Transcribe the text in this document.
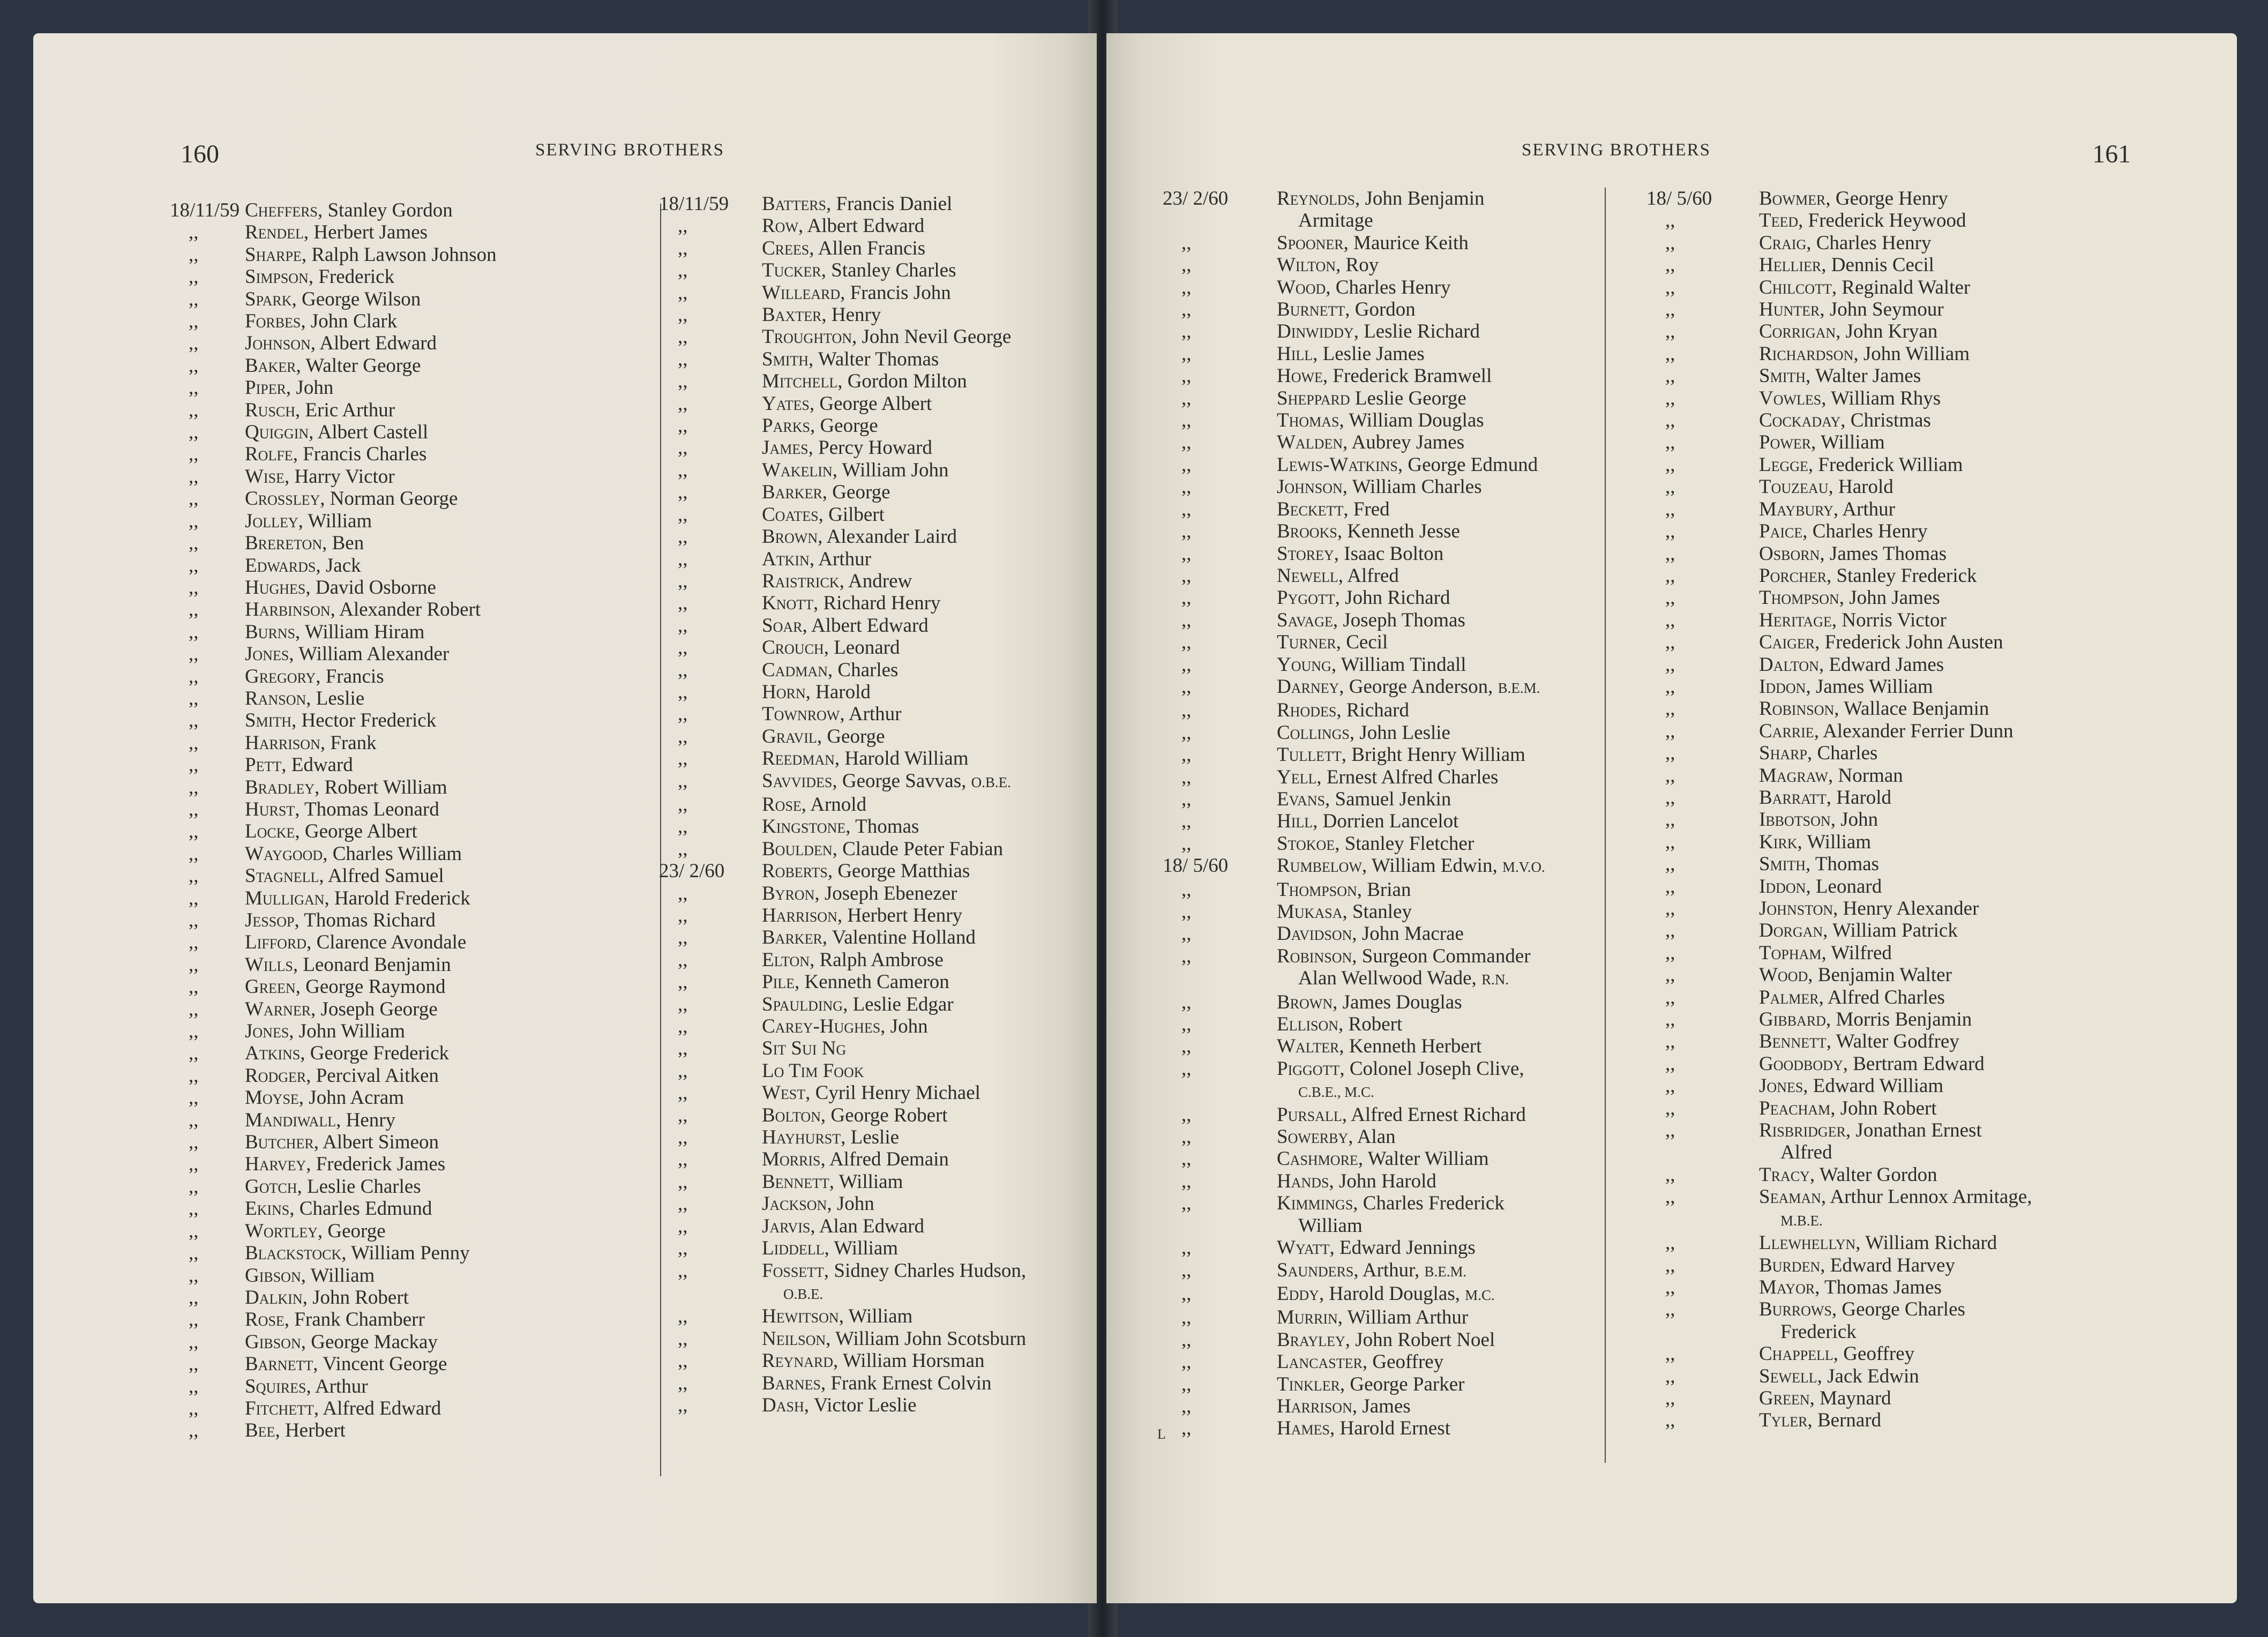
160	SERVING BROTHERS
18/11/59 Cheffers, Stanley Gordon
,,	Rendel, Herbert James
,,	Sharpe, Ralph Lawson Johnson
,,	Simpson, Frederick
,,	Spark, George Wilson
,,	Forbes, John Clark
,,	Johnson, Albert Edward
,,	Baker, Walter George
,,	Piper, John
,,	Rusch, Eric Arthur
,,	Quiggin, Albert Castell
,,	Rolfe, Francis Charles
,,	Wise, Harry Victor
,,	Crossley, Norman George
,,	Jolley, William
,,	Brereton, Ben
,,	Edwards, Jack
,,	Hughes, David Osborne
,,	Harbinson, Alexander Robert
,,	Burns, William Hiram
,,	Jones, William Alexander
,,	Gregory, Francis
,,	Ranson, Leslie
,,	Smith, Hector Frederick
,,	Harrison, Frank
,,	Pett, Edward
,,	Bradley, Robert William
,,	Hurst, Thomas Leonard
,,	Locke, George Albert
,,	Waygood, Charles William
,,	Stagnell, Alfred Samuel
,,	Mulligan, Harold Frederick
,,	Jessop, Thomas Richard
,,	Lifford, Clarence Avondale
,,	Wills, Leonard Benjamin
,,	Green, George Raymond
,,	Warner, Joseph George
,,	Jones, John William
,,	Atkins, George Frederick
,,	Rodger, Percival Aitken
,,	Moyse, John Acram
,,	Mandiwall, Henry
,,	Butcher, Albert Simeon
,,	Harvey, Frederick James
,,	Gotch, Leslie Charles
,,	Ekins, Charles Edmund
,,	Wortley, George
,,	Blackstock, William Penny
,,	Gibson, William
,,	Dalkin, John Robert
,,	Rose, Frank Chamberr
,,	Gibson, George Mackay
,,	Barnett, Vincent George
,,	Squires, Arthur
,,	Fitchett, Alfred Edward
,,	Bee, Herbert
18/11/59	Batters, Francis Daniel
,,	Row, Albert Edward
,,	Crees, Allen Francis
,,	Tucker, Stanley Charles
,,	Willeard, Francis John
,,	Baxter, Henry
,,	Troughton, John Nevil George
,,	Smith, Walter Thomas
,,	Mitchell, Gordon Milton
,,	Yates, George Albert
,,	Parks, George
,,	James, Percy Howard
,,	Wakelin, William John
,,	Barker, George
,,	Coates, Gilbert
,,	Brown, Alexander Laird
,,	Atkin, Arthur
,,	Raistrick, Andrew
,,	Knott, Richard Henry
,,	Soar, Albert Edward
,,	Crouch, Leonard
,,	Cadman, Charles
,,	Horn, Harold
,,	Townrow, Arthur
,,	Gravil, George
,,	Reedman, Harold William
,,	Savvides, George Savvas, O.B.E.
,,	Rose, Arnold
,,	Kingstone, Thomas
,,	Boulden, Claude Peter Fabian
23/ 2/60	Roberts, George Matthias
,,	Byron, Joseph Ebenezer
,,	Harrison, Herbert Henry
,,	Barker, Valentine Holland
,,	Elton, Ralph Ambrose
,,	Pile, Kenneth Cameron
,,	Spaulding, Leslie Edgar
,,	Carey-Hughes, John
,,	Sit Sui Ng
,,	Lo Tim Fook
,,	West, Cyril Henry Michael
,,	Bolton, George Robert
,,	Hayhurst, Leslie
,,	Morris, Alfred Demain
,,	Bennett, William
,,	Jackson, John
,,	Jarvis, Alan Edward
,,	Liddell, William
,,	Fossett, Sidney Charles Hudson,
O.B.E.
,,	Hewitson, William
,,	Neilson, William John Scotsburn
,,	Reynard, William Horsman
,,	Barnes, Frank Ernest Colvin
,,	Dash, Victor Leslie
SERVING BROTHERS	161
23/ 2/60	Reynolds, John Benjamin
Armitage
,,	Spooner, Maurice Keith
,,	Wilton, Roy
,,	Wood, Charles Henry
,,	Burnett, Gordon
,,	Dinwiddy, Leslie Richard
,,	Hill, Leslie James
,,	Howe, Frederick Bramwell
,,	Sheppard Leslie George
,,	Thomas, William Douglas
,,	Walden, Aubrey James
,,	Lewis-Watkins, George Edmund
,,	Johnson, William Charles
,,	Beckett, Fred
,,	Brooks, Kenneth Jesse
,,	Storey, Isaac Bolton
,,	Newell, Alfred
,,	Pygott, John Richard
,,	Savage, Joseph Thomas
,,	Turner, Cecil
,,	Young, William Tindall
,,	Darney, George Anderson, B.E.M.
,,	Rhodes, Richard
,,	Collings, John Leslie
,,	Tullett, Bright Henry William
,,	Yell, Ernest Alfred Charles
,,	Evans, Samuel Jenkin
,,	Hill, Dorrien Lancelot
,,	Stokoe, Stanley Fletcher
18/ 5/60	Rumbelow, William Edwin, M.V.O.
,,	Thompson, Brian
,,	Mukasa, Stanley
,,	Davidson, John Macrae
,,	Robinson, Surgeon Commander
Alan Wellwood Wade, R.N.
,,	Brown, James Douglas
,,	Ellison, Robert
,,	Walter, Kenneth Herbert
,,	Piggott, Colonel Joseph Clive,
C.B.E., M.C.
,,	Pursall, Alfred Ernest Richard
,,	Sowerby, Alan
,,	Cashmore, Walter William
,,	Hands, John Harold
,,	Kimmings, Charles Frederick
William
,,	Wyatt, Edward Jennings
,,	Saunders, Arthur, B.E.M.
,,	Eddy, Harold Douglas, M.C.
,,	Murrin, William Arthur
,,	Brayley, John Robert Noel
,,	Lancaster, Geoffrey
,,	Tinkler, George Parker
,,	Harrison, James
,,	Hames, Harold Ernest
18/ 5/60	Bowmer, George Henry
,,	Teed, Frederick Heywood
,,	Craig, Charles Henry
,,	Hellier, Dennis Cecil
,,	Chilcott, Reginald Walter
,,	Hunter, John Seymour
,,	Corrigan, John Kryan
,,	Richardson, John William
,,	Smith, Walter James
,,	Vowles, William Rhys
,,	Cockaday, Christmas
,,	Power, William
,,	Legge, Frederick William
,,	Touzeau, Harold
,,	Maybury, Arthur
,,	Paice, Charles Henry
,,	Osborn, James Thomas
,,	Porcher, Stanley Frederick
,,	Thompson, John James
,,	Heritage, Norris Victor
,,	Caiger, Frederick John Austen
,,	Dalton, Edward James
,,	Iddon, James William
,,	Robinson, Wallace Benjamin
,,	Carrie, Alexander Ferrier Dunn
,,	Sharp, Charles
,,	Magraw, Norman
,,	Barratt, Harold
,,	Ibbotson, John
,,	Kirk, William
,,	Smith, Thomas
,,	Iddon, Leonard
,,	Johnston, Henry Alexander
,,	Dorgan, William Patrick
,,	Topham, Wilfred
,,	Wood, Benjamin Walter
,,	Palmer, Alfred Charles
,,	Gibbard, Morris Benjamin
,,	Bennett, Walter Godfrey
,,	Goodbody, Bertram Edward
,,	Jones, Edward William
,,	Peacham, John Robert
,,	Risbridger, Jonathan Ernest
Alfred
,,	Tracy, Walter Gordon
,,	Seaman, Arthur Lennox Armitage,
M.B.E.
,,	Llewhellyn, William Richard
,,	Burden, Edward Harvey
,,	Mayor, Thomas James
,,	Burrows, George Charles
Frederick
,,	Chappell, Geoffrey
,,	Sewell, Jack Edwin
,,	Green, Maynard
,,	Tyler, Bernard
L
